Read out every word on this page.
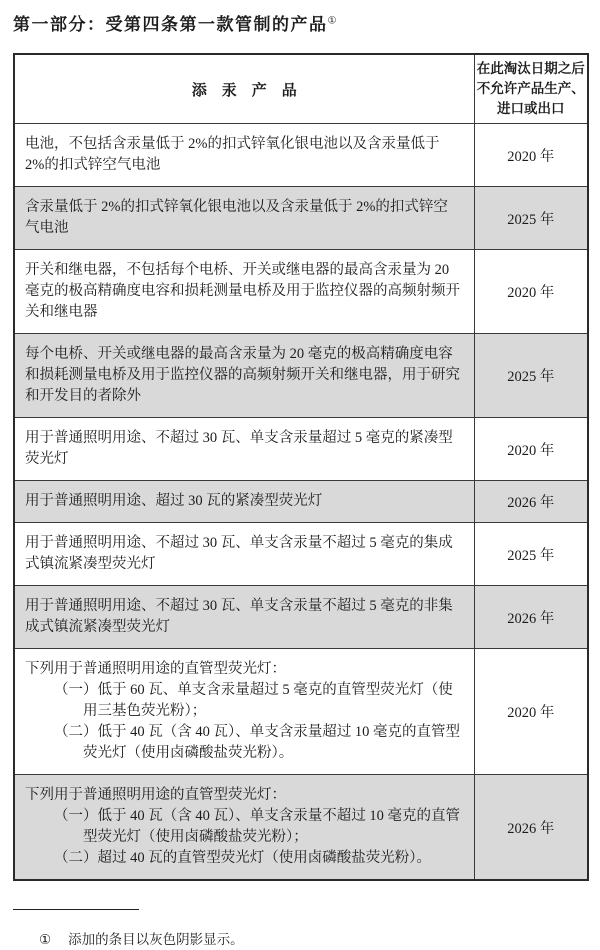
第一部分：受第四条第一款管制的产品①
添　汞　产　品	在此淘汰日期之后
不允许产品生产、
进口或出口

电池，不包括含汞量低于 2%的扣式锌氧化银电池以及含汞量低于 2%的扣式锌空气电池	2020 年

含汞量低于 2%的扣式锌氧化银电池以及含汞量低于 2%的扣式锌空气电池	2025 年

开关和继电器，不包括每个电桥、开关或继电器的最高含汞量为 20 毫克的极高精确度电容和损耗测量电桥及用于监控仪器的高频射频开关和继电器	2020 年

每个电桥、开关或继电器的最高含汞量为 20 毫克的极高精确度电容和损耗测量电桥及用于监控仪器的高频射频开关和继电器，用于研究和开发目的者除外	2025 年

用于普通照明用途、不超过 30 瓦、单支含汞量超过 5 毫克的紧凑型荧光灯	2020 年

用于普通照明用途、超过 30 瓦的紧凑型荧光灯	2026 年

用于普通照明用途、不超过 30 瓦、单支含汞量不超过 5 毫克的集成式镇流紧凑型荧光灯	2025 年

用于普通照明用途、不超过 30 瓦、单支含汞量不超过 5 毫克的非集成式镇流紧凑型荧光灯	2026 年

下列用于普通照明用途的直管型荧光灯：
（一）低于 60 瓦、单支含汞量超过 5 毫克的直管型荧光灯（使用三基色荧光粉）；
（二）低于 40 瓦（含 40 瓦）、单支含汞量超过 10 毫克的直管型荧光灯（使用卤磷酸盐荧光粉）。	2020 年

下列用于普通照明用途的直管型荧光灯：
（一）低于 40 瓦（含 40 瓦）、单支含汞量不超过 10 毫克的直管型荧光灯（使用卤磷酸盐荧光粉）；
（二）超过 40 瓦的直管型荧光灯（使用卤磷酸盐荧光粉）。	2026 年
① 添加的条目以灰色阴影显示。
